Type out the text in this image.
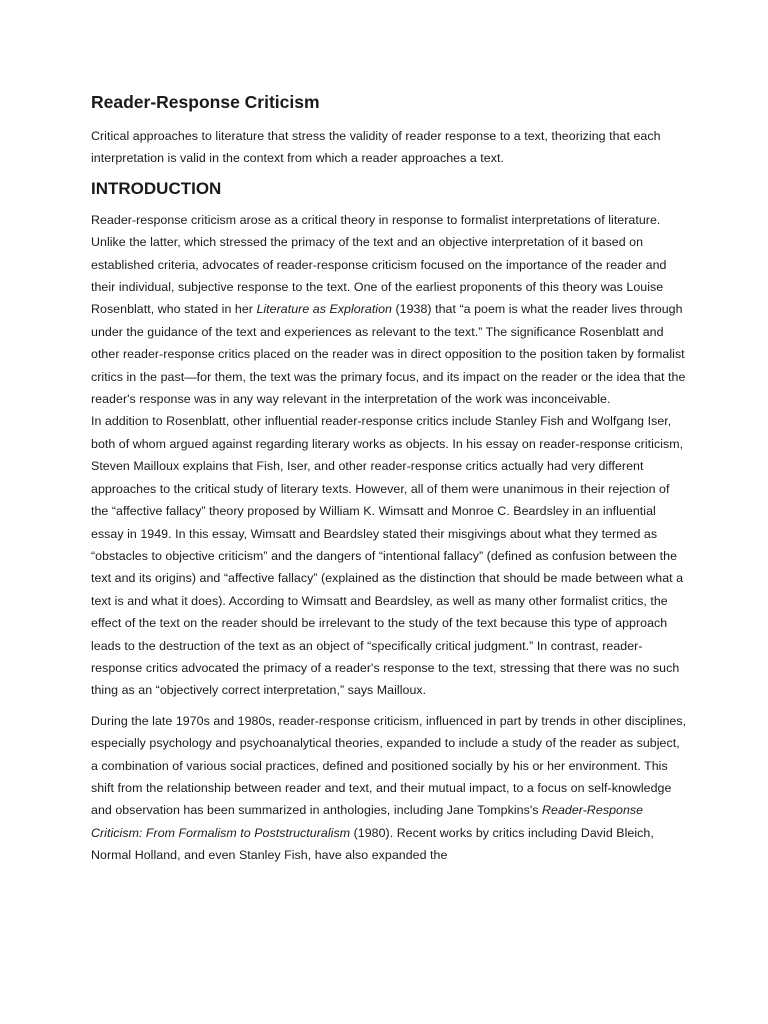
Reader-Response Criticism

Critical approaches to literature that stress the validity of reader response to a text, theorizing that each interpretation is valid in the context from which a reader approaches a text.

INTRODUCTION

Reader-response criticism arose as a critical theory in response to formalist interpretations of literature. Unlike the latter, which stressed the primacy of the text and an objective interpretation of it based on established criteria, advocates of reader-response criticism focused on the importance of the reader and their individual, subjective response to the text. One of the earliest proponents of this theory was Louise Rosenblatt, who stated in her Literature as Exploration (1938) that “a poem is what the reader lives through under the guidance of the text and experiences as relevant to the text.” The significance Rosenblatt and other reader-response critics placed on the reader was in direct opposition to the position taken by formalist critics in the past—for them, the text was the primary focus, and its impact on the reader or the idea that the reader's response was in any way relevant in the interpretation of the work was inconceivable.

In addition to Rosenblatt, other influential reader-response critics include Stanley Fish and Wolfgang Iser, both of whom argued against regarding literary works as objects. In his essay on reader-response criticism, Steven Mailloux explains that Fish, Iser, and other reader-response critics actually had very different approaches to the critical study of literary texts. However, all of them were unanimous in their rejection of the “affective fallacy” theory proposed by William K. Wimsatt and Monroe C. Beardsley in an influential essay in 1949. In this essay, Wimsatt and Beardsley stated their misgivings about what they termed as “obstacles to objective criticism” and the dangers of “intentional fallacy” (defined as confusion between the text and its origins) and “affective fallacy” (explained as the distinction that should be made between what a text is and what it does). According to Wimsatt and Beardsley, as well as many other formalist critics, the effect of the text on the reader should be irrelevant to the study of the text because this type of approach leads to the destruction of the text as an object of “specifically critical judgment.” In contrast, reader-response critics advocated the primacy of a reader's response to the text, stressing that there was no such thing as an “objectively correct interpretation,” says Mailloux.

During the late 1970s and 1980s, reader-response criticism, influenced in part by trends in other disciplines, especially psychology and psychoanalytical theories, expanded to include a study of the reader as subject, a combination of various social practices, defined and positioned socially by his or her environment. This shift from the relationship between reader and text, and their mutual impact, to a focus on self-knowledge and observation has been summarized in anthologies, including Jane Tompkins's Reader-Response Criticism: From Formalism to Poststructuralism (1980). Recent works by critics including David Bleich, Normal Holland, and even Stanley Fish, have also expanded the
